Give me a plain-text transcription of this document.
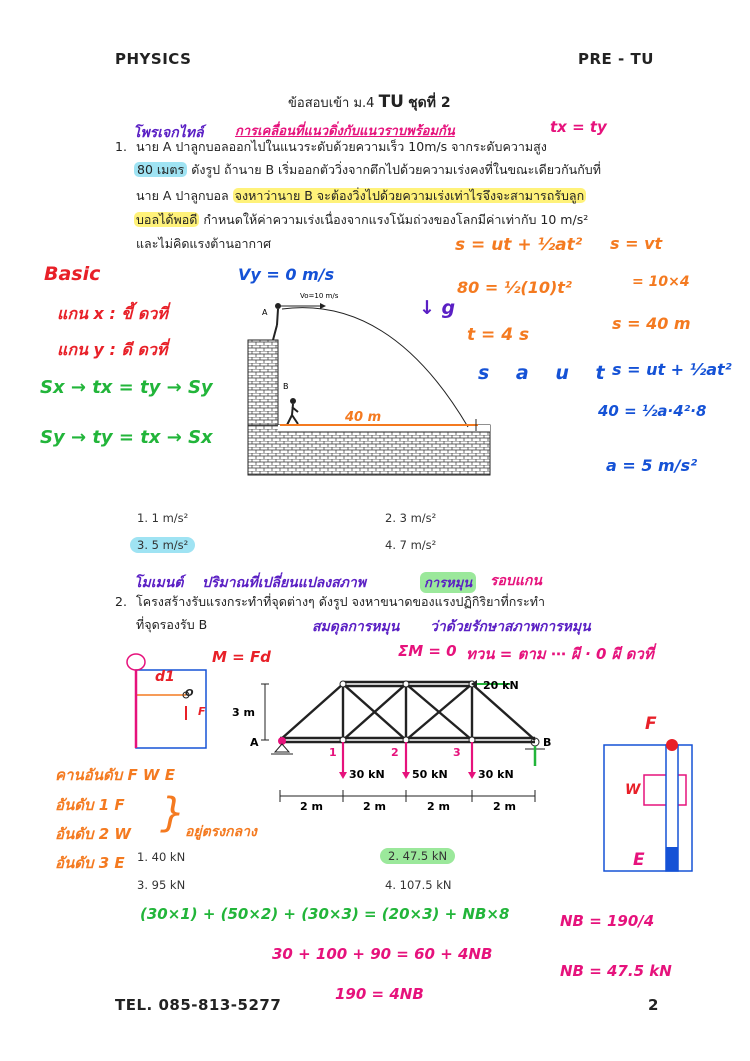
PHYSICS	PRE - TU
ข้อสอบเข้า ม.4 TU ชุดที่ 2
โพรเจกไทล์ การเคลื่อนที่แนวดิ่งกับแนวราบพร้อมกัน	tx = ty
1. นาย A ปาลูกบอลออกไปในแนวระดับด้วยความเร็ว 10m/s จากระดับความสูง
80 เมตร ดังรูป ถ้านาย B เริ่มออกตัววิ่งจากตึกไปด้วยความเร่งคงที่ในขณะเดียวกันกับที่
นาย A ปาลูกบอล จงหาว่านาย B จะต้องวิ่งไปด้วยความเร่งเท่าไรจึงจะสามารถรับลูก
บอลได้พอดี กำหนดให้ค่าความเร่งเนื่องจากแรงโน้มถ่วงของโลกมีค่าเท่ากับ 10 m/s²
และไม่คิดแรงต้านอากาศ
A
B
Vo=10 m/s
40 m
Basic
แกน x : ขี้ ดวที่
แกน y : ดี ดวที่
Sx → tx = ty → Sy
Sy → ty = tx → Sx
Vy = 0 m/s
↓ g
s = ut + ½at²
80 = ½(10)t²
t = 4 s
s a u t
s = vt
= 10×4
s = 40 m
s = ut + ½at²
40 = ½a·4²·8
a = 5 m/s²
1. 1 m/s²	2. 3 m/s²
3. 5 m/s²	4. 7 m/s²
โมเมนต์ ปริมาณที่เปลี่ยนแปลงสภาพ	การหมุน รอบแกน
2. โครงสร้างรับแรงกระทำที่จุดต่างๆ ดังรูป จงหาขนาดของแรงปฏิกิริยาที่กระทำ
ที่จุดรองรับ B	สมดุลการหมุน ว่าด้วยรักษาสภาพการหมุน
ΣM = 0 ทวน = ตาม ⋯ ผี · 0 ผี ดวที่
d1
O
F
M = Fd
20 kN
3 m
A	B
30 kN 50 kN	30 kN
2 m	2 m	2 m	2 m
1	2	3
F
W
E
คานอันดับ F W E
อันดับ 1 F
อันดับ 2 W
อันดับ 3 E
} อยู่ตรงกลาง
1. 40 kN	2. 47.5 kN
3. 95 kN	4. 107.5 kN
(30×1) + (50×2) + (30×3) = (20×3) + NB×8
30 + 100 + 90 = 60 + 4NB
190 = 4NB
NB = 190/4
NB = 47.5 kN
TEL. 085-813-5277	2
